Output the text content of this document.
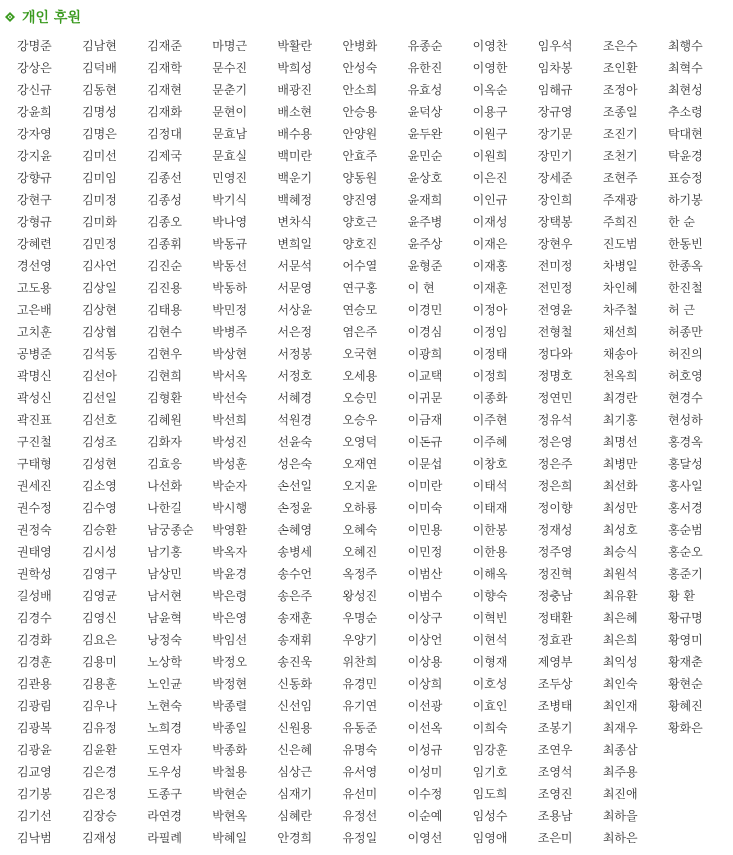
개인 후원
강명준	김남현	김재준	마명근	박활란	안병화	유종순	이영찬	임우석	조은수	최행수
강상은	김덕배	김재학	문수진	박희성	안성숙	유한진	이영한	임차봉	조인환	최혁수
강신규	김동현	김재현	문춘기	배광진	안소희	유효성	이옥순	임해규	조정아	최현성
강윤희	김명성	김재화	문현이	배소현	안승용	윤덕상	이용구	장규영	조종일	추소령
강자영	김명은	김정대	문효남	배수용	안양원	윤두완	이원구	장기문	조진기	탁대현
강지윤	김미선	김제국	문효실	백미란	안효주	윤민순	이원희	장민기	조천기	탁윤경
강향규	김미임	김종선	민영진	백운기	양동원	윤상호	이은진	장세준	조현주	표승정
강현구	김미정	김종성	박기식	백혜정	양진영	윤재희	이인규	장인희	주재광	하기봉
강형규	김미화	김종오	박나영	변차식	양호근	윤주병	이재성	장택봉	주희진	한 순
강혜련	김민정	김종휘	박동규	변희일	양호진	윤주상	이재은	장현우	진도범	한동빈
경선영	김사언	김진순	박동선	서문석	어수열	윤형준	이재홍	전미정	차병일	한종옥
고도용	김상일	김진용	박동하	서문영	연구홍	이 현	이재훈	전민정	차인혜	한진철
고은배	김상현	김태용	박민정	서상윤	연승모	이경민	이정아	전영윤	차주철	허 근
고치훈	김상협	김현수	박병주	서은정	염은주	이경심	이정임	전형철	채선희	허종만
공병준	김석동	김현우	박상현	서정봉	오국현	이광희	이정태	정다와	채송아	허진의
곽명신	김선아	김현희	박서옥	서정호	오세용	이교택	이정희	정명호	천옥희	허호영
곽성신	김선일	김형환	박선숙	서혜경	오승민	이귀문	이종화	정연민	최경란	현경수
곽진표	김선호	김혜원	박선희	석원경	오승우	이금재	이주현	정유석	최기홍	현성하
구진철	김성조	김화자	박성진	선윤숙	오영덕	이돈규	이주혜	정은영	최명선	홍경옥
구태형	김성현	김효응	박성훈	성은숙	오재연	이문섭	이창호	정은주	최병만	홍달성
권세진	김소영	나선화	박순자	손선일	오지윤	이미란	이태석	정은희	최선화	홍사일
권수정	김수영	나한길	박시행	손정윤	오하룡	이미숙	이태재	정이향	최성만	홍서경
권정숙	김승환	남궁종순	박영환	손혜영	오혜숙	이민용	이한봉	정재성	최성호	홍순범
권태영	김시성	남기홍	박옥자	송병세	오혜진	이민정	이한용	정주영	최승식	홍순오
권학성	김영구	남상민	박윤경	송수언	옥정주	이범산	이해옥	정진혁	최원석	홍준기
길성배	김영균	남서현	박은령	송은주	왕성진	이범수	이향숙	정충남	최유환	황 환
김경수	김영신	남윤혁	박은영	송재훈	우명순	이상구	이혁빈	정태환	최은혜	황규명
김경화	김요은	낭정숙	박임선	송재휘	우양기	이상언	이현석	정효관	최은희	황영미
김경훈	김용미	노상학	박정오	송진욱	위찬희	이상용	이형재	제영부	최익성	황재춘
김관용	김용훈	노인균	박정현	신동화	유경민	이상희	이호성	조두상	최인숙	황현순
김광림	김우나	노현숙	박종렬	신선임	유기연	이선광	이효인	조병태	최인재	황혜진
김광복	김유정	노희경	박종일	신원용	유동준	이선옥	이희숙	조봉기	최재우	황화은
김광윤	김윤환	도연자	박종화	신은혜	유명숙	이성규	임강훈	조연우	최종삼
김교영	김은경	도우성	박철용	심상근	유서영	이성미	임기호	조영석	최주용
김기봉	김은정	도종구	박현순	심재기	유선미	이수정	임도희	조영진	최진애
김기선	김장승	라연경	박현옥	심혜란	유정선	이순예	임성수	조용남	최하을
김낙범	김재성	라필례	박혜일	안경희	유정일	이영선	임영애	조은미	최하은
